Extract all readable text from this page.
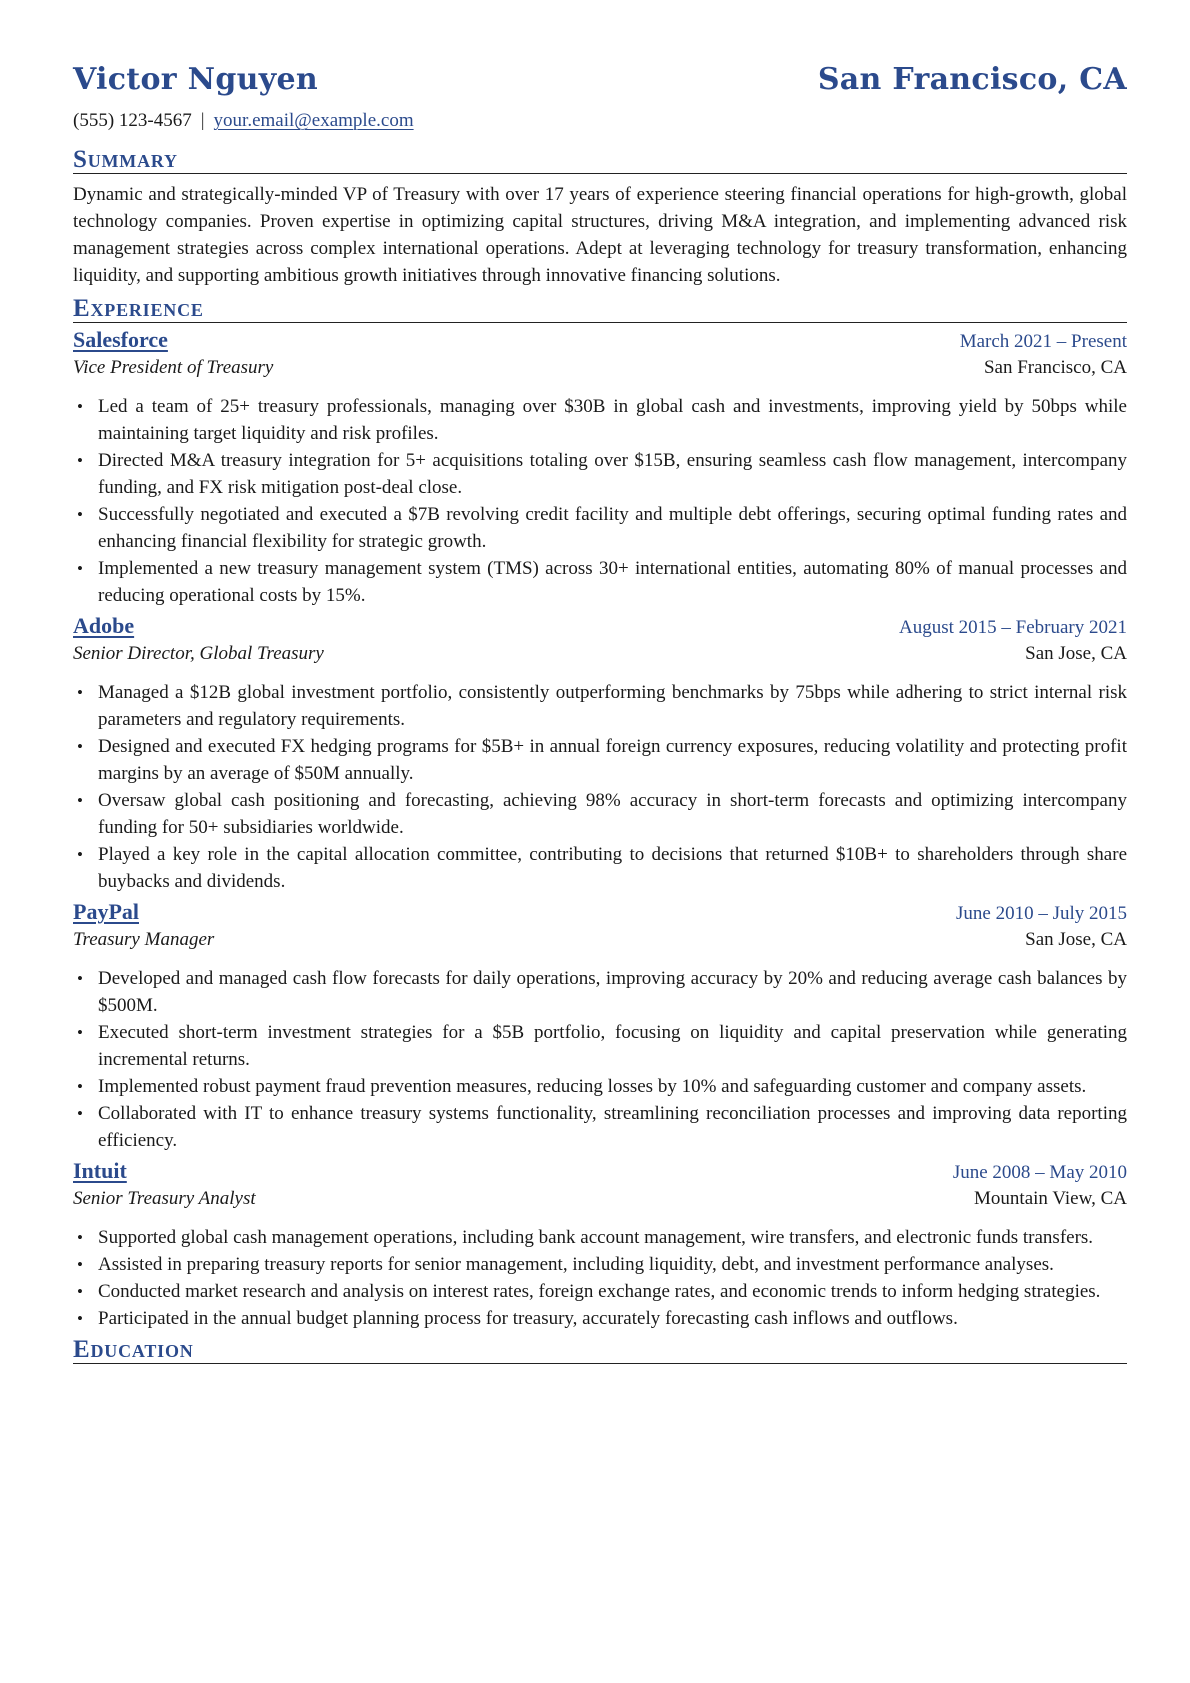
Victor Nguyen	San Francisco, CA
(555) 123-4567 | your.email@example.com
Summary

Dynamic and strategically-minded VP of Treasury with over 17 years of experience steering financial operations for high-growth, global technology companies. Proven expertise in optimizing capital structures, driving M&A integration, and implementing advanced risk management strategies across complex international operations. Adept at leveraging technology for treasury transformation, enhancing liquidity, and supporting ambitious growth initiatives through innovative financing solutions.

Experience
Salesforce	March 2021 – Present
Vice President of Treasury	San Francisco, CA
• Led a team of 25+ treasury professionals, managing over $30B in global cash and investments, improving yield by 50bps while maintaining target liquidity and risk profiles.
• Directed M&A treasury integration for 5+ acquisitions totaling over $15B, ensuring seamless cash flow management, intercompany funding, and FX risk mitigation post-deal close.
• Successfully negotiated and executed a $7B revolving credit facility and multiple debt offerings, securing optimal funding rates and enhancing financial flexibility for strategic growth.
• Implemented a new treasury management system (TMS) across 30+ international entities, automating 80% of manual processes and reducing operational costs by 15%.
Adobe	August 2015 – February 2021
Senior Director, Global Treasury	San Jose, CA
• Managed a $12B global investment portfolio, consistently outperforming benchmarks by 75bps while adhering to strict internal risk parameters and regulatory requirements.
• Designed and executed FX hedging programs for $5B+ in annual foreign currency exposures, reducing volatility and protecting profit margins by an average of $50M annually.
• Oversaw global cash positioning and forecasting, achieving 98% accuracy in short-term forecasts and optimizing intercompany funding for 50+ subsidiaries worldwide.
• Played a key role in the capital allocation committee, contributing to decisions that returned $10B+ to shareholders through share buybacks and dividends.
PayPal	June 2010 – July 2015
Treasury Manager	San Jose, CA
• Developed and managed cash flow forecasts for daily operations, improving accuracy by 20% and reducing average cash balances by $500M.
• Executed short-term investment strategies for a $5B portfolio, focusing on liquidity and capital preservation while generating incremental returns.
• Implemented robust payment fraud prevention measures, reducing losses by 10% and safeguarding customer and company assets.
• Collaborated with IT to enhance treasury systems functionality, streamlining reconciliation processes and improving data reporting efficiency.
Intuit	June 2008 – May 2010
Senior Treasury Analyst	Mountain View, CA
• Supported global cash management operations, including bank account management, wire transfers, and electronic funds transfers.
• Assisted in preparing treasury reports for senior management, including liquidity, debt, and investment performance analyses.
• Conducted market research and analysis on interest rates, foreign exchange rates, and economic trends to inform hedging strategies.
• Participated in the annual budget planning process for treasury, accurately forecasting cash inflows and outflows.
Education
